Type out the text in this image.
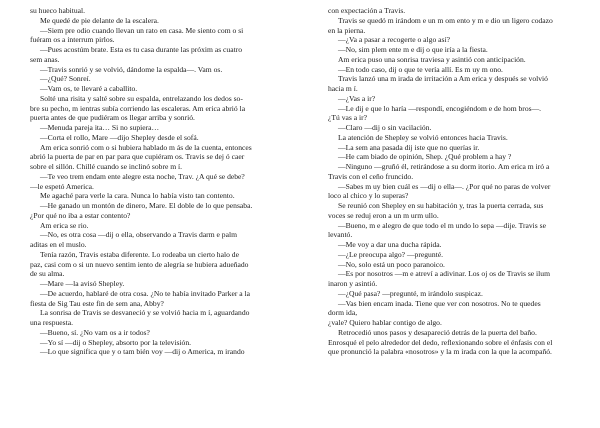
su hueco habitual.
Me quedé de pie delante de la escalera.
—Siem pre odio cuando llevan un rato en casa. Me siento com o si
fuéram os a interrum pirlos.
—Pues acostúm brate. Esta es tu casa durante las próxim as cuatro
sem anas.
—Travis sonrió y se volvió, dándome la espalda—. Vam os.
—¿Qué? Sonreí.
—Vam os, te llevaré a caballito.
Solté una risita y salté sobre su espalda, entrelazando los dedos so-
bre su pecho, m ientras subía corriendo las escaleras. Am erica abrió la
puerta antes de que pudiéram os llegar arriba y sonrió.
—Menuda pareja ita… Si no supiera…
—Corta el rollo, Mare —dijo Shepley desde el sofá.
Am erica sonrió com o si hubiera hablado m ás de la cuenta, entonces
abrió la puerta de par en par para que cupiéram os. Travis se dej ó caer
sobre el sillón. Chillé cuando se inclinó sobre m í.
—Te veo trem endam ente alegre esta noche, Trav. ¿A qué se debe?
—le espetó America.
Me agaché para verle la cara. Nunca lo había visto tan contento.
—He ganado un montón de dinero, Mare. El doble de lo que pensaba.
¿Por qué no iba a estar contento?
Am erica se rio.
—No, es otra cosa —dij o ella, observando a Travis darm e palm
aditas en el muslo.
Tenía razón, Travis estaba diferente. Lo rodeaba un cierto halo de
paz, casi com o si un nuevo sentim iento de alegría se hubiera adueñado
de su alma.
—Mare —la avisó Shepley.
—De acuerdo, hablaré de otra cosa. ¿No te había invitado Parker a la
fiesta de Sig Tau este fin de sem ana, Abby?
La sonrisa de Travis se desvaneció y se volvió hacia m í, aguardando
una respuesta.
—Bueno, sí. ¿No vam os a ir todos?
—Yo sí —dij o Shepley, absorto por la televisión.
—Lo que significa que y o tam bién voy —dij o America, m irando
con expectación a Travis.
Travis se quedó m irándom e un m om ento y m e dio un ligero codazo
en la pierna.
—¿Va a pasar a recogerte o algo así?
—No, sim plem ente m e dij o que iría a la fiesta.
Am erica puso una sonrisa traviesa y asintió con anticipación.
—En todo caso, dij o que te vería allí. Es m uy m ono.
Travis lanzó una m irada de irritación a Am erica y después se volvió
hacia m í.
—¿Vas a ir?
—Le dij e que lo haría —respondí, encogiéndom e de hom bros—.
¿Tú vas a ir?
—Claro —dij o sin vacilación.
La atención de Shepley se volvió entonces hacia Travis.
—La sem ana pasada dij iste que no querías ir.
—He cam biado de opinión, Shep. ¿Qué problem a hay ?
—Ninguno —gruñó él, retirándose a su dorm itorio. Am erica m iró a
Travis con el ceño fruncido.
—Sabes m uy bien cuál es —dij o ella—. ¿Por qué no paras de volver
loco al chico y lo superas?
Se reunió con Shepley en su habitación y, tras la puerta cerrada, sus
voces se reduj eron a un m urm ullo.
—Bueno, m e alegro de que todo el m undo lo sepa —dije. Travis se
levantó.
—Me voy a dar una ducha rápida.
—¿Le preocupa algo? —pregunté.
—No, solo está un poco paranoico.
—Es por nosotros —m e atreví a adivinar. Los oj os de Travis se ilum
inaron y asintió.
—¿Qué pasa? —pregunté, m irándolo suspicaz.
—Vas bien encam inada. Tiene que ver con nosotros. No te quedes
dorm ida,
¿vale? Quiero hablar contigo de algo.
Retrocedió unos pasos y desapareció detrás de la puerta del baño.
Enrosqué el pelo alrededor del dedo, reflexionando sobre el énfasis con el
que pronunció la palabra «nosotros» y la m irada con la que la acompañó.
